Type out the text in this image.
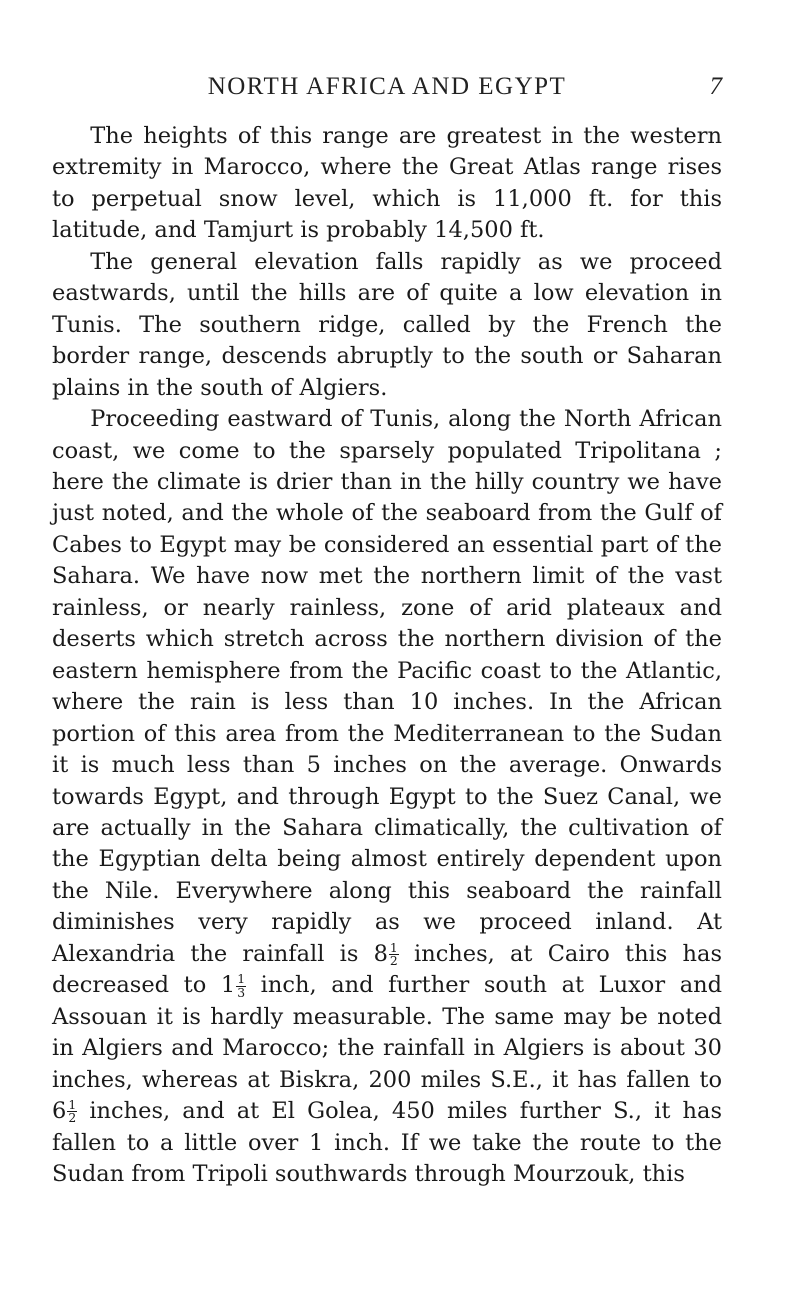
NORTH AFRICA AND EGYPT	7

The heights of this range are greatest in the western extremity in Marocco, where the Great Atlas range rises to perpetual snow level, which is 11,000 ft. for this latitude, and Tamjurt is probably 14,500 ft.

The general elevation falls rapidly as we proceed eastwards, until the hills are of quite a low elevation in Tunis. The southern ridge, called by the French the border range, descends abruptly to the south or Saharan plains in the south of Algiers.

Proceeding eastward of Tunis, along the North African coast, we come to the sparsely populated Tripolitana ; here the climate is drier than in the hilly country we have just noted, and the whole of the seaboard from the Gulf of Cabes to Egypt may be considered an essential part of the Sahara. We have now met the northern limit of the vast rainless, or nearly rainless, zone of arid plateaux and deserts which stretch across the northern division of the eastern hemisphere from the Pacific coast to the Atlantic, where the rain is less than 10 inches. In the African portion of this area from the Mediterranean to the Sudan it is much less than 5 inches on the average. Onwards towards Egypt, and through Egypt to the Suez Canal, we are actually in the Sahara climatically, the cultivation of the Egyptian delta being almost entirely dependent upon the Nile. Everywhere along this seaboard the rainfall diminishes very rapidly as we proceed inland. At Alexandria the rainfall is $8 \frac{1}{2}$ inches, at Cairo this has decreased to $1 \frac{1}{3}$ inch, and further south at Luxor and Assouan it is hardly measurable. The same may be noted in Algiers and Marocco; the rainfall in Algiers is about 30 inches, whereas at Biskra, 200 miles S.E., it has fallen to $6 \frac{1}{2}$ inches, and at El Golea, 450 miles further S., it has fallen to a little over 1 inch. If we take the route to the Sudan from Tripoli southwards through Mourzouk, this
